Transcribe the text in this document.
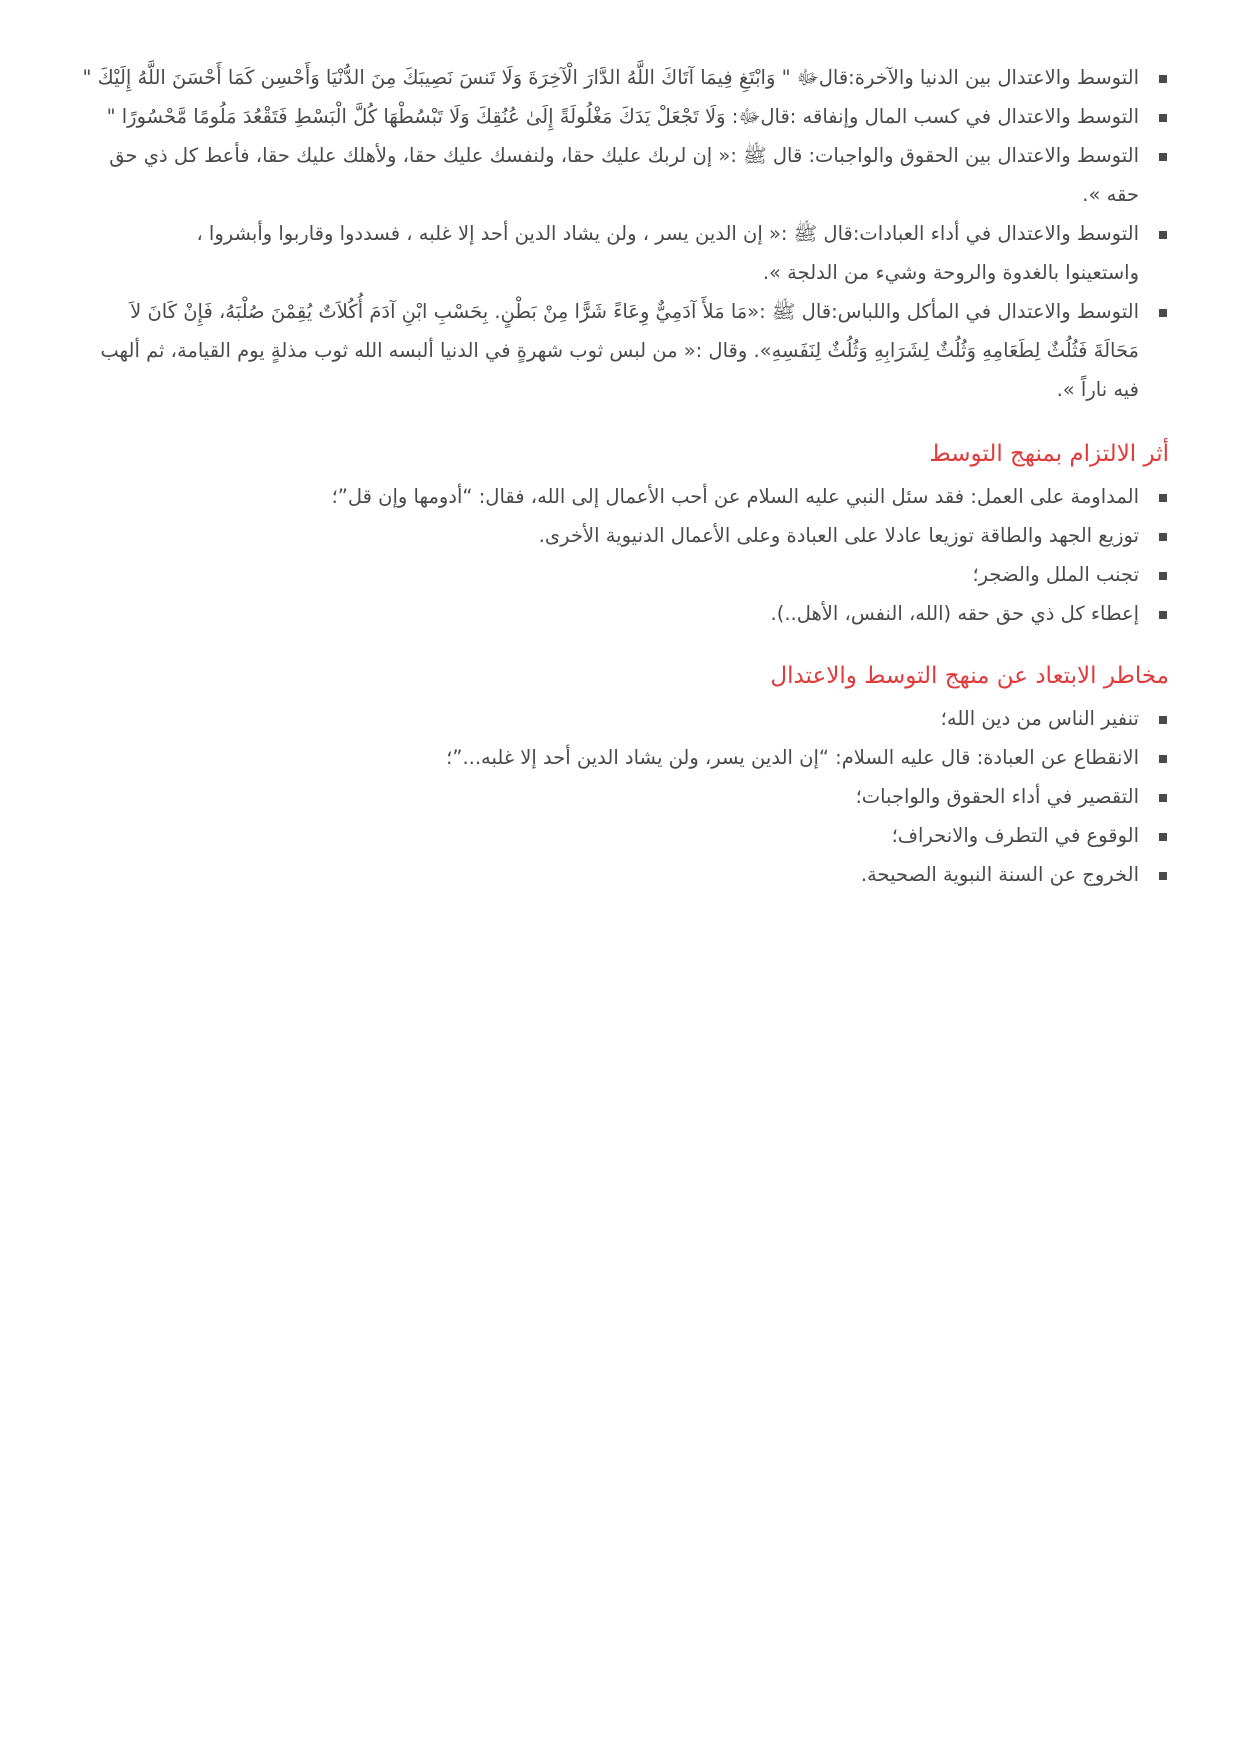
التوسط والاعتدال بين الدنيا والآخرة:قالﷻ " وَابْتَغِ فِيمَا آتَاكَ اللَّهُ الدَّارَ الْآخِرَةَ وَلَا تَنسَ نَصِيبَكَ مِنَ الدُّنْيَا وَأَحْسِن كَمَا أَحْسَنَ اللَّهُ إِلَيْكَ "
التوسط والاعتدال في كسب المال وإنفاقه :قالﷻ: وَلَا تَجْعَلْ يَدَكَ مَغْلُولَةً إِلَىٰ عُنُقِكَ وَلَا تَبْسُطْهَا كُلَّ الْبَسْطِ فَتَقْعُدَ مَلُومًا مَّحْسُورًا "
التوسط والاعتدال بين الحقوق والواجبات: قال ﷺ :« إن لربك عليك حقا، ولنفسك عليك حقا، ولأهلك عليك حقا، فأعط كل ذي حق حقه ».
التوسط والاعتدال في أداء العبادات:قال ﷺ :« إن الدين يسر ، ولن يشاد الدين أحد إلا غلبه ، فسددوا وقاربوا وأبشروا ، واستعينوا بالغدوة والروحة وشيء من الدلجة ».
التوسط والاعتدال في المأكل واللباس:قال ﷺ :«مَا مَلأَ آدَمِيٌّ وِعَاءً شَرًّا مِنْ بَطْنٍ. بِحَسْبِ ابْنِ آدَمَ أُكُلاَتٌ يُقِمْنَ صُلْبَهُ، فَإِنْ كَانَ لاَ مَحَالَةَ فَثُلُثٌ لِطَعَامِهِ وَثُلُثٌ لِشَرَابِهِ وَثُلُثٌ لِنَفَسِهِ». وقال :« من لبس ثوب شهرةٍ في الدنيا ألبسه الله ثوب مذلةٍ يوم القيامة، ثم ألهب فيه ناراً ».
أثر الالتزام بمنهج التوسط
المداومة على العمل: فقد سئل النبي عليه السلام عن أحب الأعمال إلى الله، فقال: “أدومها وإن قل”؛
توزيع الجهد والطاقة توزيعا عادلا على العبادة وعلى الأعمال الدنيوية الأخرى.
تجنب الملل والضجر؛
إعطاء كل ذي حق حقه (الله، النفس، الأهل..).
مخاطر الابتعاد عن منهج التوسط والاعتدال
تنفير الناس من دين الله؛
الانقطاع عن العبادة: قال عليه السلام: “إن الدين يسر، ولن يشاد الدين أحد إلا غلبه...”؛
التقصير في أداء الحقوق والواجبات؛
الوقوع في التطرف والانحراف؛
الخروج عن السنة النبوية الصحيحة.
